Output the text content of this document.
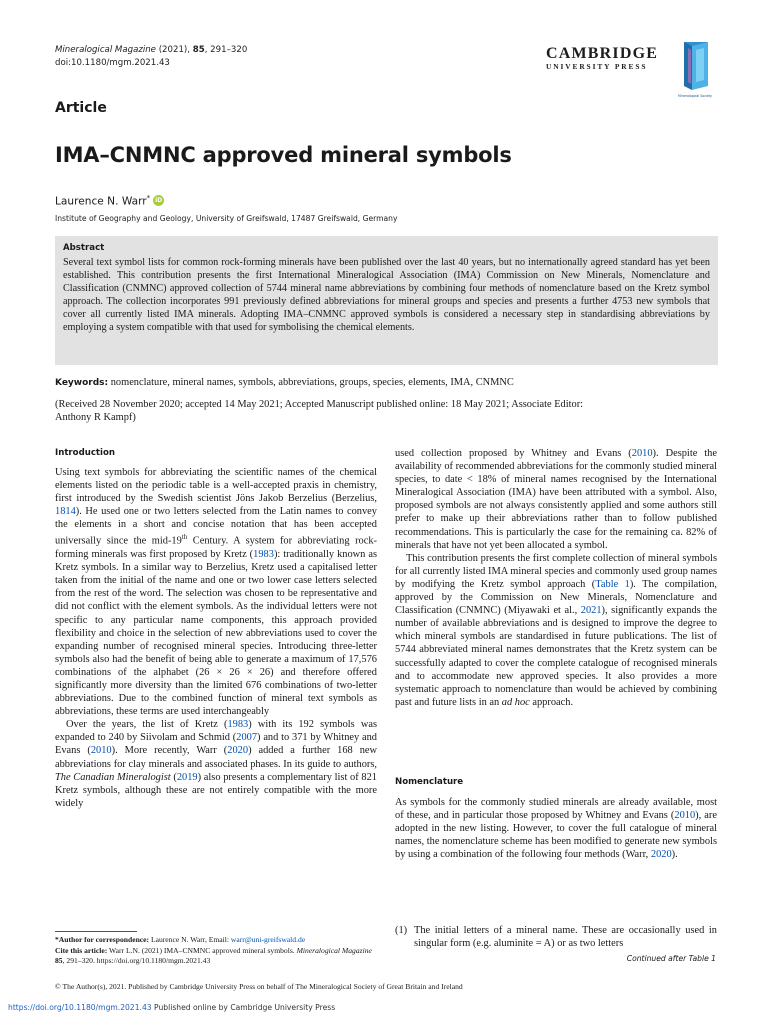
Mineralogical Magazine (2021), 85, 291–320
doi:10.1180/mgm.2021.43
CAMBRIDGE
UNIVERSITY PRESS
Mineralogical Society
Article
IMA–CNMNC approved mineral symbols
Laurence N. Warr* iD
Institute of Geography and Geology, University of Greifswald, 17487 Greifswald, Germany
Abstract
Several text symbol lists for common rock-forming minerals have been published over the last 40 years, but no internationally agreed standard has yet been established. This contribution presents the first International Mineralogical Association (IMA) Commission on New Minerals, Nomenclature and Classification (CNMNC) approved collection of 5744 mineral name abbreviations by combining four methods of nomenclature based on the Kretz symbol approach. The collection incorporates 991 previously defined abbreviations for mineral groups and species and presents a further 4753 new symbols that cover all currently listed IMA minerals. Adopting IMA–CNMNC approved symbols is considered a necessary step in standardising abbreviations by employing a system compatible with that used for symbolising the chemical elements.
Keywords: nomenclature, mineral names, symbols, abbreviations, groups, species, elements, IMA, CNMNC
(Received 28 November 2020; accepted 14 May 2021; Accepted Manuscript published online: 18 May 2021; Associate Editor: Anthony R Kampf)
Introduction

Using text symbols for abbreviating the scientific names of the chemical elements listed on the periodic table is a well-accepted praxis in chemistry, first introduced by the Swedish scientist Jöns Jakob Berzelius (Berzelius, 1814). He used one or two letters selected from the Latin names to convey the elements in a short and concise notation that has been accepted universally since the mid-19th Century. A system for abbreviating rock-forming minerals was first proposed by Kretz (1983): traditionally known as Kretz symbols. In a similar way to Berzelius, Kretz used a capitalised letter taken from the initial of the name and one or two lower case letters selected from the rest of the word. The selection was chosen to be representative and did not conflict with the element symbols. As the individual letters were not specific to any particular name components, this approach provided flexibility and choice in the selection of new abbreviations used to cover the expanding number of recognised mineral species. Introducing three-letter symbols also had the benefit of being able to generate a maximum of 17,576 combinations of the alphabet (26 × 26 × 26) and therefore offered significantly more diversity than the limited 676 combinations of two-letter abbreviations. Due to the combined function of mineral text symbols as abbreviations, these terms are used interchangeably

Over the years, the list of Kretz (1983) with its 192 symbols was expanded to 240 by Siivolam and Schmid (2007) and to 371 by Whitney and Evans (2010). More recently, Warr (2020) added a further 168 new abbreviations for clay minerals and associated phases. In its guide to authors, The Canadian Mineralogist (2019) also presents a complementary list of 821 Kretz symbols, although these are not entirely compatible with the more widely

used collection proposed by Whitney and Evans (2010). Despite the availability of recommended abbreviations for the commonly studied mineral species, to date < 18% of mineral names recognised by the International Mineralogical Association (IMA) have been attributed with a symbol. Also, proposed symbols are not always consistently applied and some authors still prefer to make up their abbreviations rather than to follow published recommendations. This is particularly the case for the remaining ca. 82% of minerals that have not yet been allocated a symbol.

This contribution presents the first complete collection of mineral symbols for all currently listed IMA mineral species and commonly used group names by modifying the Kretz symbol approach (Table 1). The compilation, approved by the Commission on New Minerals, Nomenclature and Classification (CNMNC) (Miyawaki et al., 2021), significantly expands the number of available abbreviations and is designed to improve the degree to which mineral symbols are standardised in future publications. The list of 5744 abbreviated mineral names demonstrates that the Kretz system can be successfully adapted to cover the complete catalogue of recognised minerals and to accommodate new approved species. It also provides a more systematic approach to nomenclature than would be achieved by combining past and future lists in an ad hoc approach.

Nomenclature

As symbols for the commonly studied minerals are already available, most of these, and in particular those proposed by Whitney and Evans (2010), are adopted in the new listing. However, to cover the full catalogue of mineral names, the nomenclature scheme has been modified to generate new symbols by using a combination of the following four methods (Warr, 2020).

(1) The initial letters of a mineral name. These are occasionally used in singular form (e.g. aluminite = A) or as two letters
Continued after Table 1
*Author for correspondence: Laurence N. Warr, Email: warr@uni-greifswald.de
Cite this article: Warr L.N. (2021) IMA–CNMNC approved mineral symbols. Mineralogical Magazine 85, 291–320. https://doi.org/10.1180/mgm.2021.43
© The Author(s), 2021. Published by Cambridge University Press on behalf of The Mineralogical Society of Great Britain and Ireland
https://doi.org/10.1180/mgm.2021.43 Published online by Cambridge University Press
